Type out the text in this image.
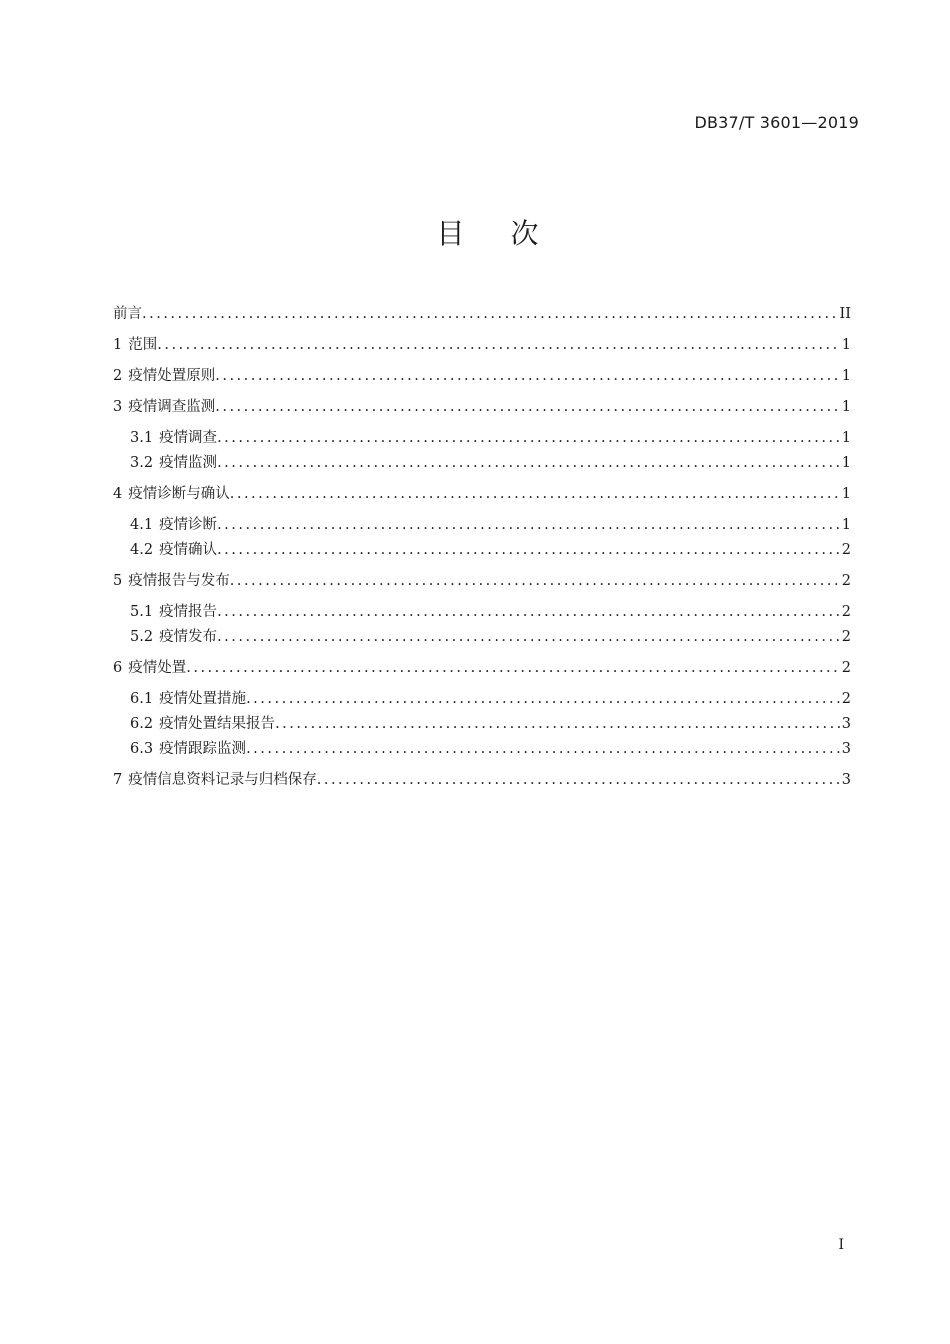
DB37/T 3601—2019
目 次
前言 .....	II
1 范围 .....	1
2 疫情处置原则 .....	1
3 疫情调查监测 .....	1
3.1 疫情调查 .....	1
3.2 疫情监测 .....	1
4 疫情诊断与确认 .....	1
4.1 疫情诊断 .....	1
4.2 疫情确认 .....	2
5 疫情报告与发布 .....	2
5.1 疫情报告 .....	2
5.2 疫情发布 .....	2
6 疫情处置 .....	2
6.1 疫情处置措施 .....	2
6.2 疫情处置结果报告 .....	3
6.3 疫情跟踪监测 .....	3
7 疫情信息资料记录与归档保存 .....	3
I
